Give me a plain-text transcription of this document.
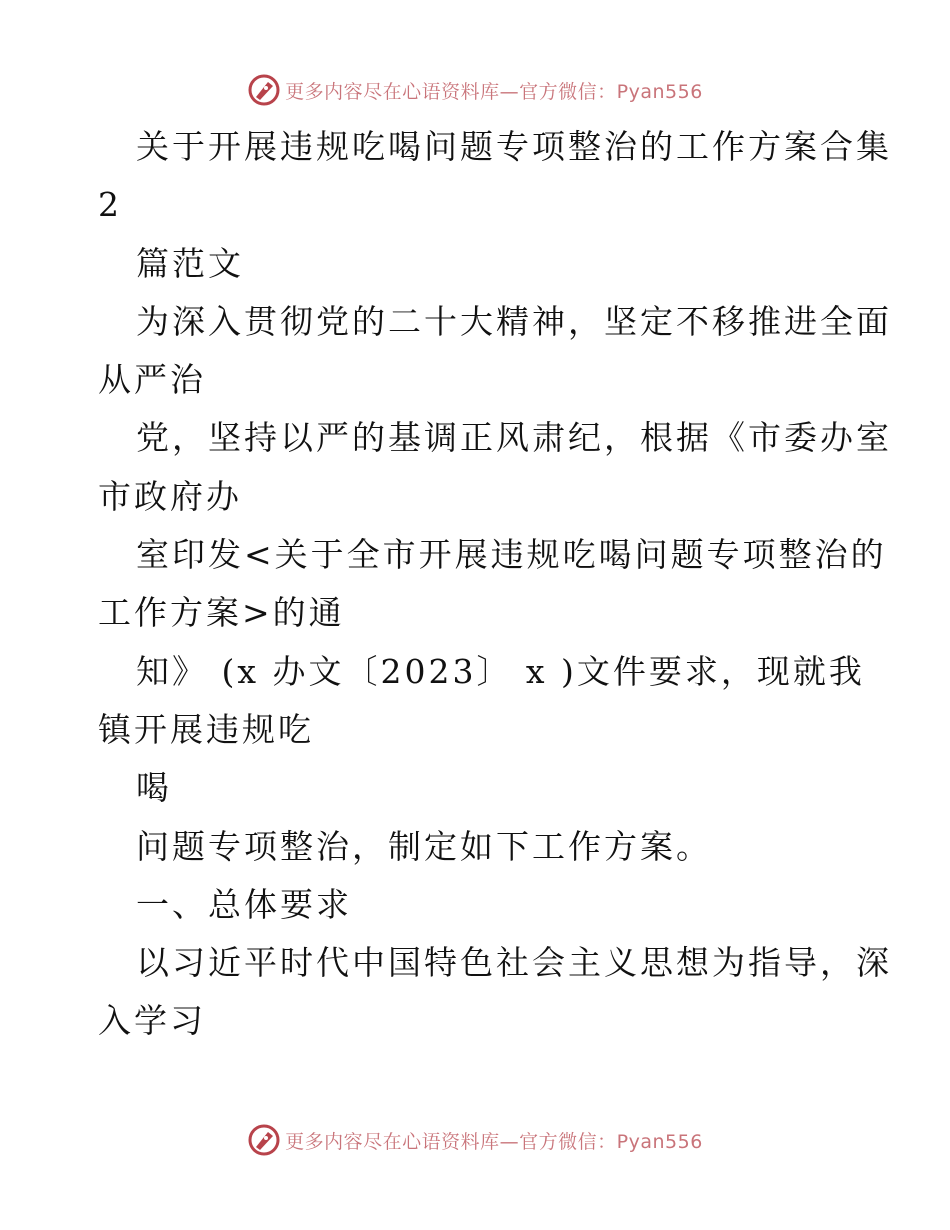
更多内容尽在心语资料库—官方微信：Pyan556
关于开展违规吃喝问题专项整治的工作方案合集
2
篇范文
为深入贯彻党的二十大精神，坚定不移推进全面
从严治
党，坚持以严的基调正风肃纪，根据《市委办室
市政府办
室印发<关于全市开展违规吃喝问题专项整治的
工作方案>的通
知》 (x 办文〔2023〕 x )文件要求，现就我
镇开展违规吃
喝
问题专项整治，制定如下工作方案。
一、总体要求
以习近平时代中国特色社会主义思想为指导，深
入学习
更多内容尽在心语资料库—官方微信：Pyan556
